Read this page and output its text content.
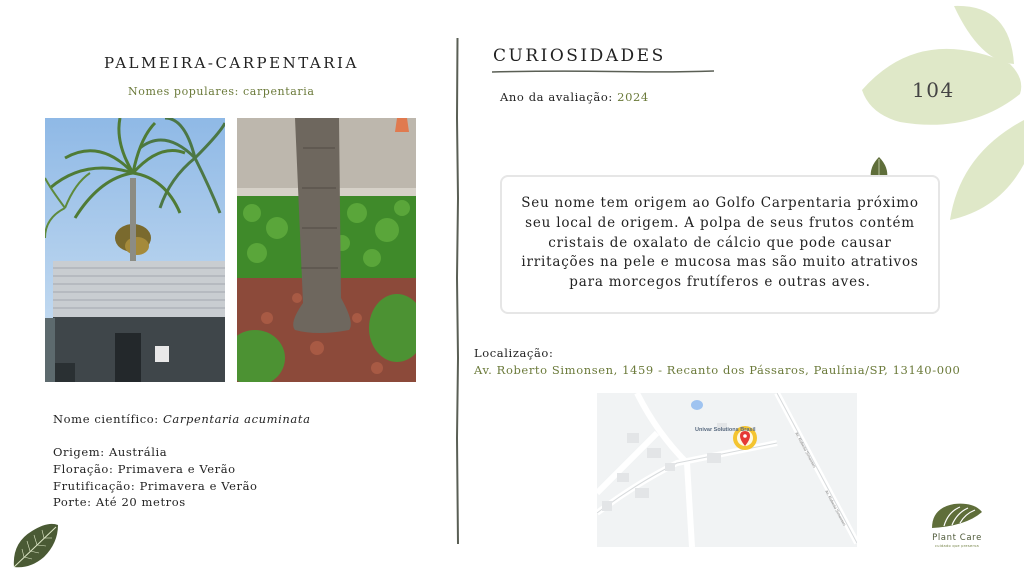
PALMEIRA-CARPENTARIA
Nomes populares: carpentaria
Nome científico: Carpentaria acuminata
Origem: Austrália
Floração: Primavera e Verão
Frutificação: Primavera e Verão
Porte: Até 20 metros
CURIOSIDADES
Ano da avaliação: 2024	104
Seu nome tem origem ao Golfo Carpentaria próximo seu local de origem. A polpa de seus frutos contém cristais de oxalato de cálcio que pode causar irritações na pele e mucosa mas são muito atrativos para morcegos frutíferos e outras aves.
Localização:
Av. Roberto Simonsen, 1459 - Recanto dos Pássaros, Paulínia/SP, 13140-000
Univar Solutions Brasil
Av. Roberto Simonsen
Av. Roberto Simonsen
Plant Care
cuidado que preserva
